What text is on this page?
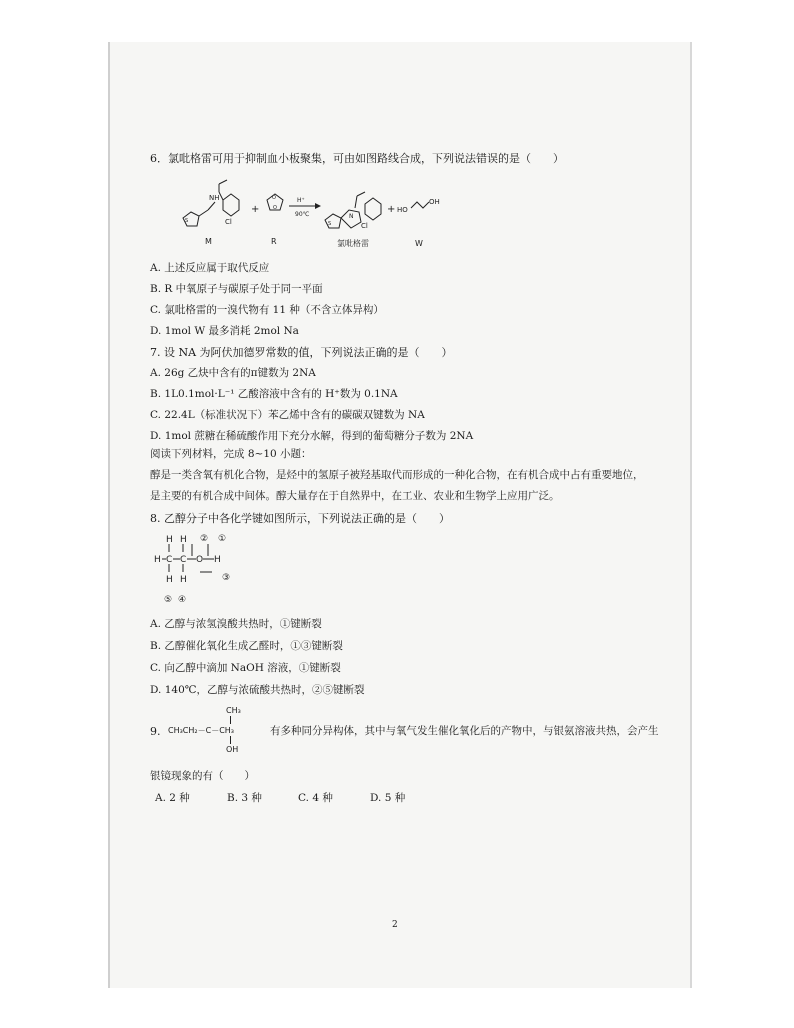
6．氯吡格雷可用于抑制血小板聚集，可由如图路线合成，下列说法错误的是（　　）
NH
Cl
S
M
+
O
O
R
H⁺
90℃	N
Cl
S
氯吡格雷
+ HO
OH
W
A. 上述反应属于取代反应
B. R 中氧原子与碳原子处于同一平面
C. 氯吡格雷的一溴代物有 11 种（不含立体异构）
D. 1mol W 最多消耗 2mol Na
7. 设 NA 为阿伏加德罗常数的值，下列说法正确的是（　　）
A. 26g 乙炔中含有的π键数为 2NA
B. 1L0.1mol·L⁻¹ 乙酸溶液中含有的 H⁺数为 0.1NA
C. 22.4L（标准状况下）苯乙烯中含有的碳碳双键数为 NA
D. 1mol 蔗糖在稀硫酸作用下充分水解，得到的葡萄糖分子数为 2NA
阅读下列材料，完成 8~10 小题：
醇是一类含氧有机化合物，是烃中的氢原子被羟基取代而形成的一种化合物，在有机合成中占有重要地位，
是主要的有机合成中间体。醇大量存在于自然界中，在工业、农业和生物学上应用广泛。
8. 乙醇分子中各化学键如图所示，下列说法正确的是（　　）
H H
H C C O H
H H
② ①
③
⑤ ④
A. 乙醇与浓氢溴酸共热时，①键断裂
B. 乙醇催化氧化生成乙醛时，①③键断裂
C. 向乙醇中滴加 NaOH 溶液，①键断裂
D. 140℃，乙醇与浓硫酸共热时，②⑤键断裂
9.
CH₃
CH₃CH₂－C－CH₃
OH
有多种同分异构体，其中与氧气发生催化氧化后的产物中，与银氨溶液共热，会产生
银镜现象的有（　　）
A. 2 种	B. 3 种	C. 4 种	D. 5 种
2
